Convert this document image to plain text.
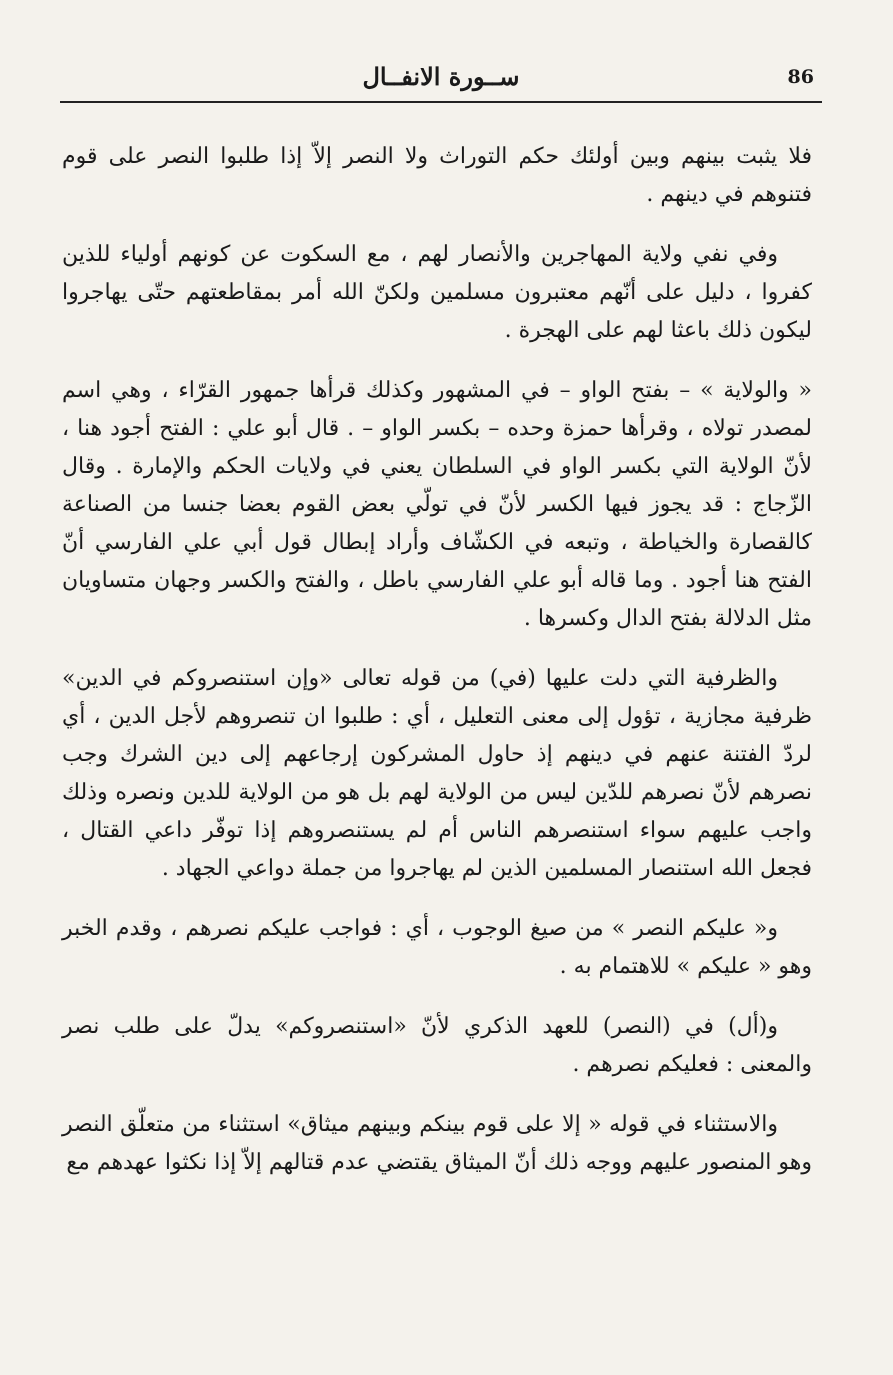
86
ســورة الانفــال

فلا يثبت بينهم وبين أولئك حكم التوراث ولا النصر إلاّ إذا طلبوا النصر على قوم فتنوهم في دينهم .

وفي نفي ولاية المهاجرين والأنصار لهم ، مع السكوت عن كونهم أولياء للذين كفروا ، دليل على أنّهم معتبرون مسلمين ولكنّ الله أمر بمقاطعتهم حتّى يهاجروا ليكون ذلك باعثا لهم على الهجرة .

« والولاية » – بفتح الواو – في المشهور وكذلك قرأها جمهور القرّاء ، وهي اسم لمصدر تولاه ، وقرأها حمزة وحده – بكسر الواو – . قال أبو علي : الفتح أجود هنا ، لأنّ الولاية التي بكسر الواو في السلطان يعني في ولايات الحكم والإمارة . وقال الزّجاج : قد يجوز فيها الكسر لأنّ في تولّي بعض القوم بعضا جنسا من الصناعة كالقصارة والخياطة ، وتبعه في الكشّاف وأراد إبطال قول أبي علي الفارسي أنّ الفتح هنا أجود . وما قاله أبو علي الفارسي باطل ، والفتح والكسر وجهان متساويان مثل الدلالة بفتح الدال وكسرها .

والظرفية التي دلت عليها (في) من قوله تعالى «وإن استنصروكم في الدين» ظرفية مجازية ، تؤول إلى معنى التعليل ، أي : طلبوا ان تنصروهم لأجل الدين ، أي لردّ الفتنة عنهم في دينهم إذ حاول المشركون إرجاعهم إلى دين الشرك وجب نصرهم لأنّ نصرهم للدّين ليس من الولاية لهم بل هو من الولاية للدين ونصره وذلك واجب عليهم سواء استنصرهم الناس أم لم يستنصروهم إذا توفّر داعي القتال ، فجعل الله استنصار المسلمين الذين لم يهاجروا من جملة دواعي الجهاد .

و« عليكم النصر » من صيغ الوجوب ، أي : فواجب عليكم نصرهم ، وقدم الخبر وهو « عليكم » للاهتمام به .

و(أل) في (النصر) للعهد الذكري لأنّ «استنصروكم» يدلّ على طلب نصر والمعنى : فعليكم نصرهم .

والاستثناء في قوله « إلا على قوم بينكم وبينهم ميثاق» استثناء من متعلّق النصر وهو المنصور عليهم ووجه ذلك أنّ الميثاق يقتضي عدم قتالهم إلاّ إذا نكثوا عهدهم مع
